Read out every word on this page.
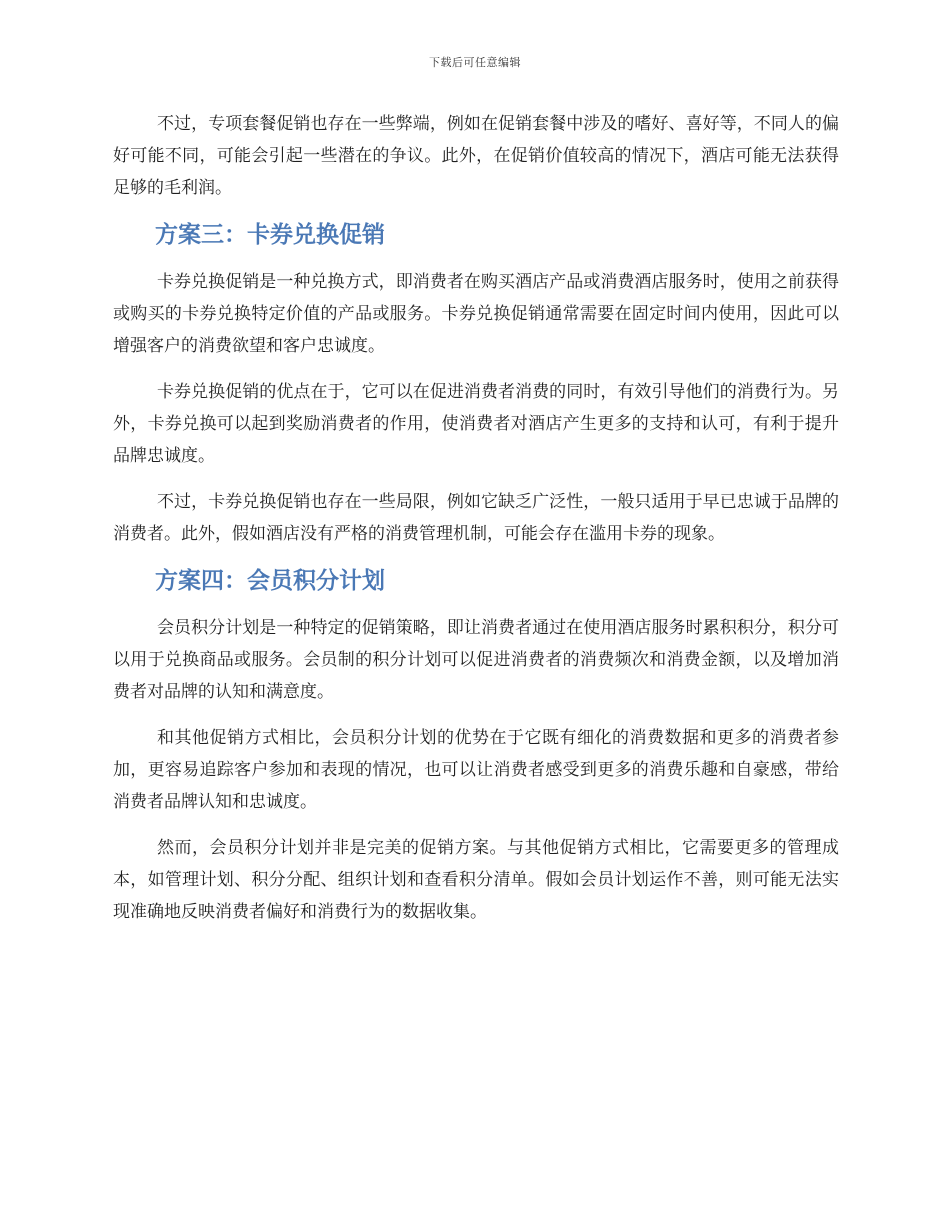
下载后可任意编辑

不过，专项套餐促销也存在一些弊端，例如在促销套餐中涉及的嗜好、喜好等，不同人的偏好可能不同，可能会引起一些潜在的争议。此外，在促销价值较高的情况下，酒店可能无法获得足够的毛利润。

方案三：卡券兑换促销

卡券兑换促销是一种兑换方式，即消费者在购买酒店产品或消费酒店服务时，使用之前获得或购买的卡券兑换特定价值的产品或服务。卡券兑换促销通常需要在固定时间内使用，因此可以增强客户的消费欲望和客户忠诚度。

卡券兑换促销的优点在于，它可以在促进消费者消费的同时，有效引导他们的消费行为。另外，卡券兑换可以起到奖励消费者的作用，使消费者对酒店产生更多的支持和认可，有利于提升品牌忠诚度。

不过，卡券兑换促销也存在一些局限，例如它缺乏广泛性，一般只适用于早已忠诚于品牌的消费者。此外，假如酒店没有严格的消费管理机制，可能会存在滥用卡券的现象。

方案四：会员积分计划

会员积分计划是一种特定的促销策略，即让消费者通过在使用酒店服务时累积积分，积分可以用于兑换商品或服务。会员制的积分计划可以促进消费者的消费频次和消费金额，以及增加消费者对品牌的认知和满意度。

和其他促销方式相比，会员积分计划的优势在于它既有细化的消费数据和更多的消费者参加，更容易追踪客户参加和表现的情况，也可以让消费者感受到更多的消费乐趣和自豪感，带给消费者品牌认知和忠诚度。

然而，会员积分计划并非是完美的促销方案。与其他促销方式相比，它需要更多的管理成本，如管理计划、积分分配、组织计划和查看积分清单。假如会员计划运作不善，则可能无法实现准确地反映消费者偏好和消费行为的数据收集。
